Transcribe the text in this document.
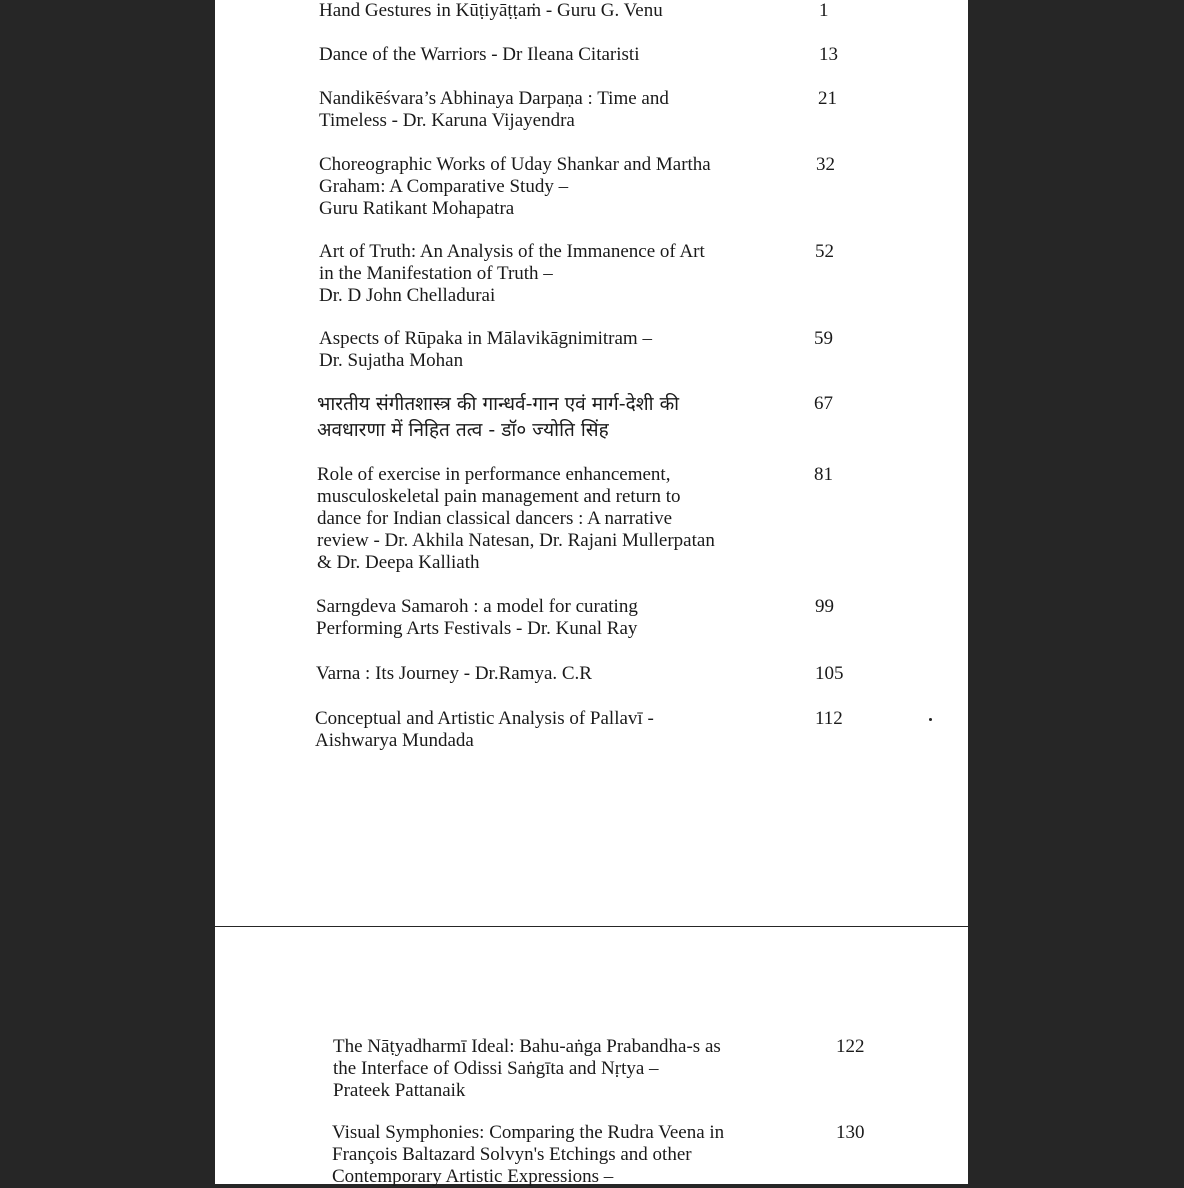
Hand Gestures in Kūṭiyāṭṭaṁ - Guru G. Venu	1
Dance of the Warriors - Dr Ileana Citaristi	13
Nandikēśvara’s Abhinaya Darpaṇa : Time and
Timeless - Dr. Karuna Vijayendra
21
Choreographic Works of Uday Shankar and Martha
Graham: A Comparative Study –
Guru Ratikant Mohapatra
32
Art of Truth: An Analysis of the Immanence of Art
in the Manifestation of Truth –
Dr. D John Chelladurai
52
Aspects of Rūpaka in Mālavikāgnimitram –
Dr. Sujatha Mohan
59
भारतीय संगीतशास्त्र की गान्धर्व-गान एवं मार्ग-देशी की
अवधारणा में निहित तत्व - डॉ० ज्योति सिंह
67
Role of exercise in performance enhancement,
musculoskeletal pain management and return to
dance for Indian classical dancers : A narrative
review - Dr. Akhila Natesan, Dr. Rajani Mullerpatan
& Dr. Deepa Kalliath
81
Sarngdeva Samaroh : a model for curating
Performing Arts Festivals - Dr. Kunal Ray
99
Varna : Its Journey - Dr.Ramya. C.R	105
Conceptual and Artistic Analysis of Pallavī -
Aishwarya Mundada
112
The Nāṭyadharmī Ideal: Bahu-aṅga Prabandha-s as
the Interface of Odissi Saṅgīta and Nṛtya –
Prateek Pattanaik
122
Visual Symphonies: Comparing the Rudra Veena in
François Baltazard Solvyn's Etchings and other
Contemporary Artistic Expressions –
130
